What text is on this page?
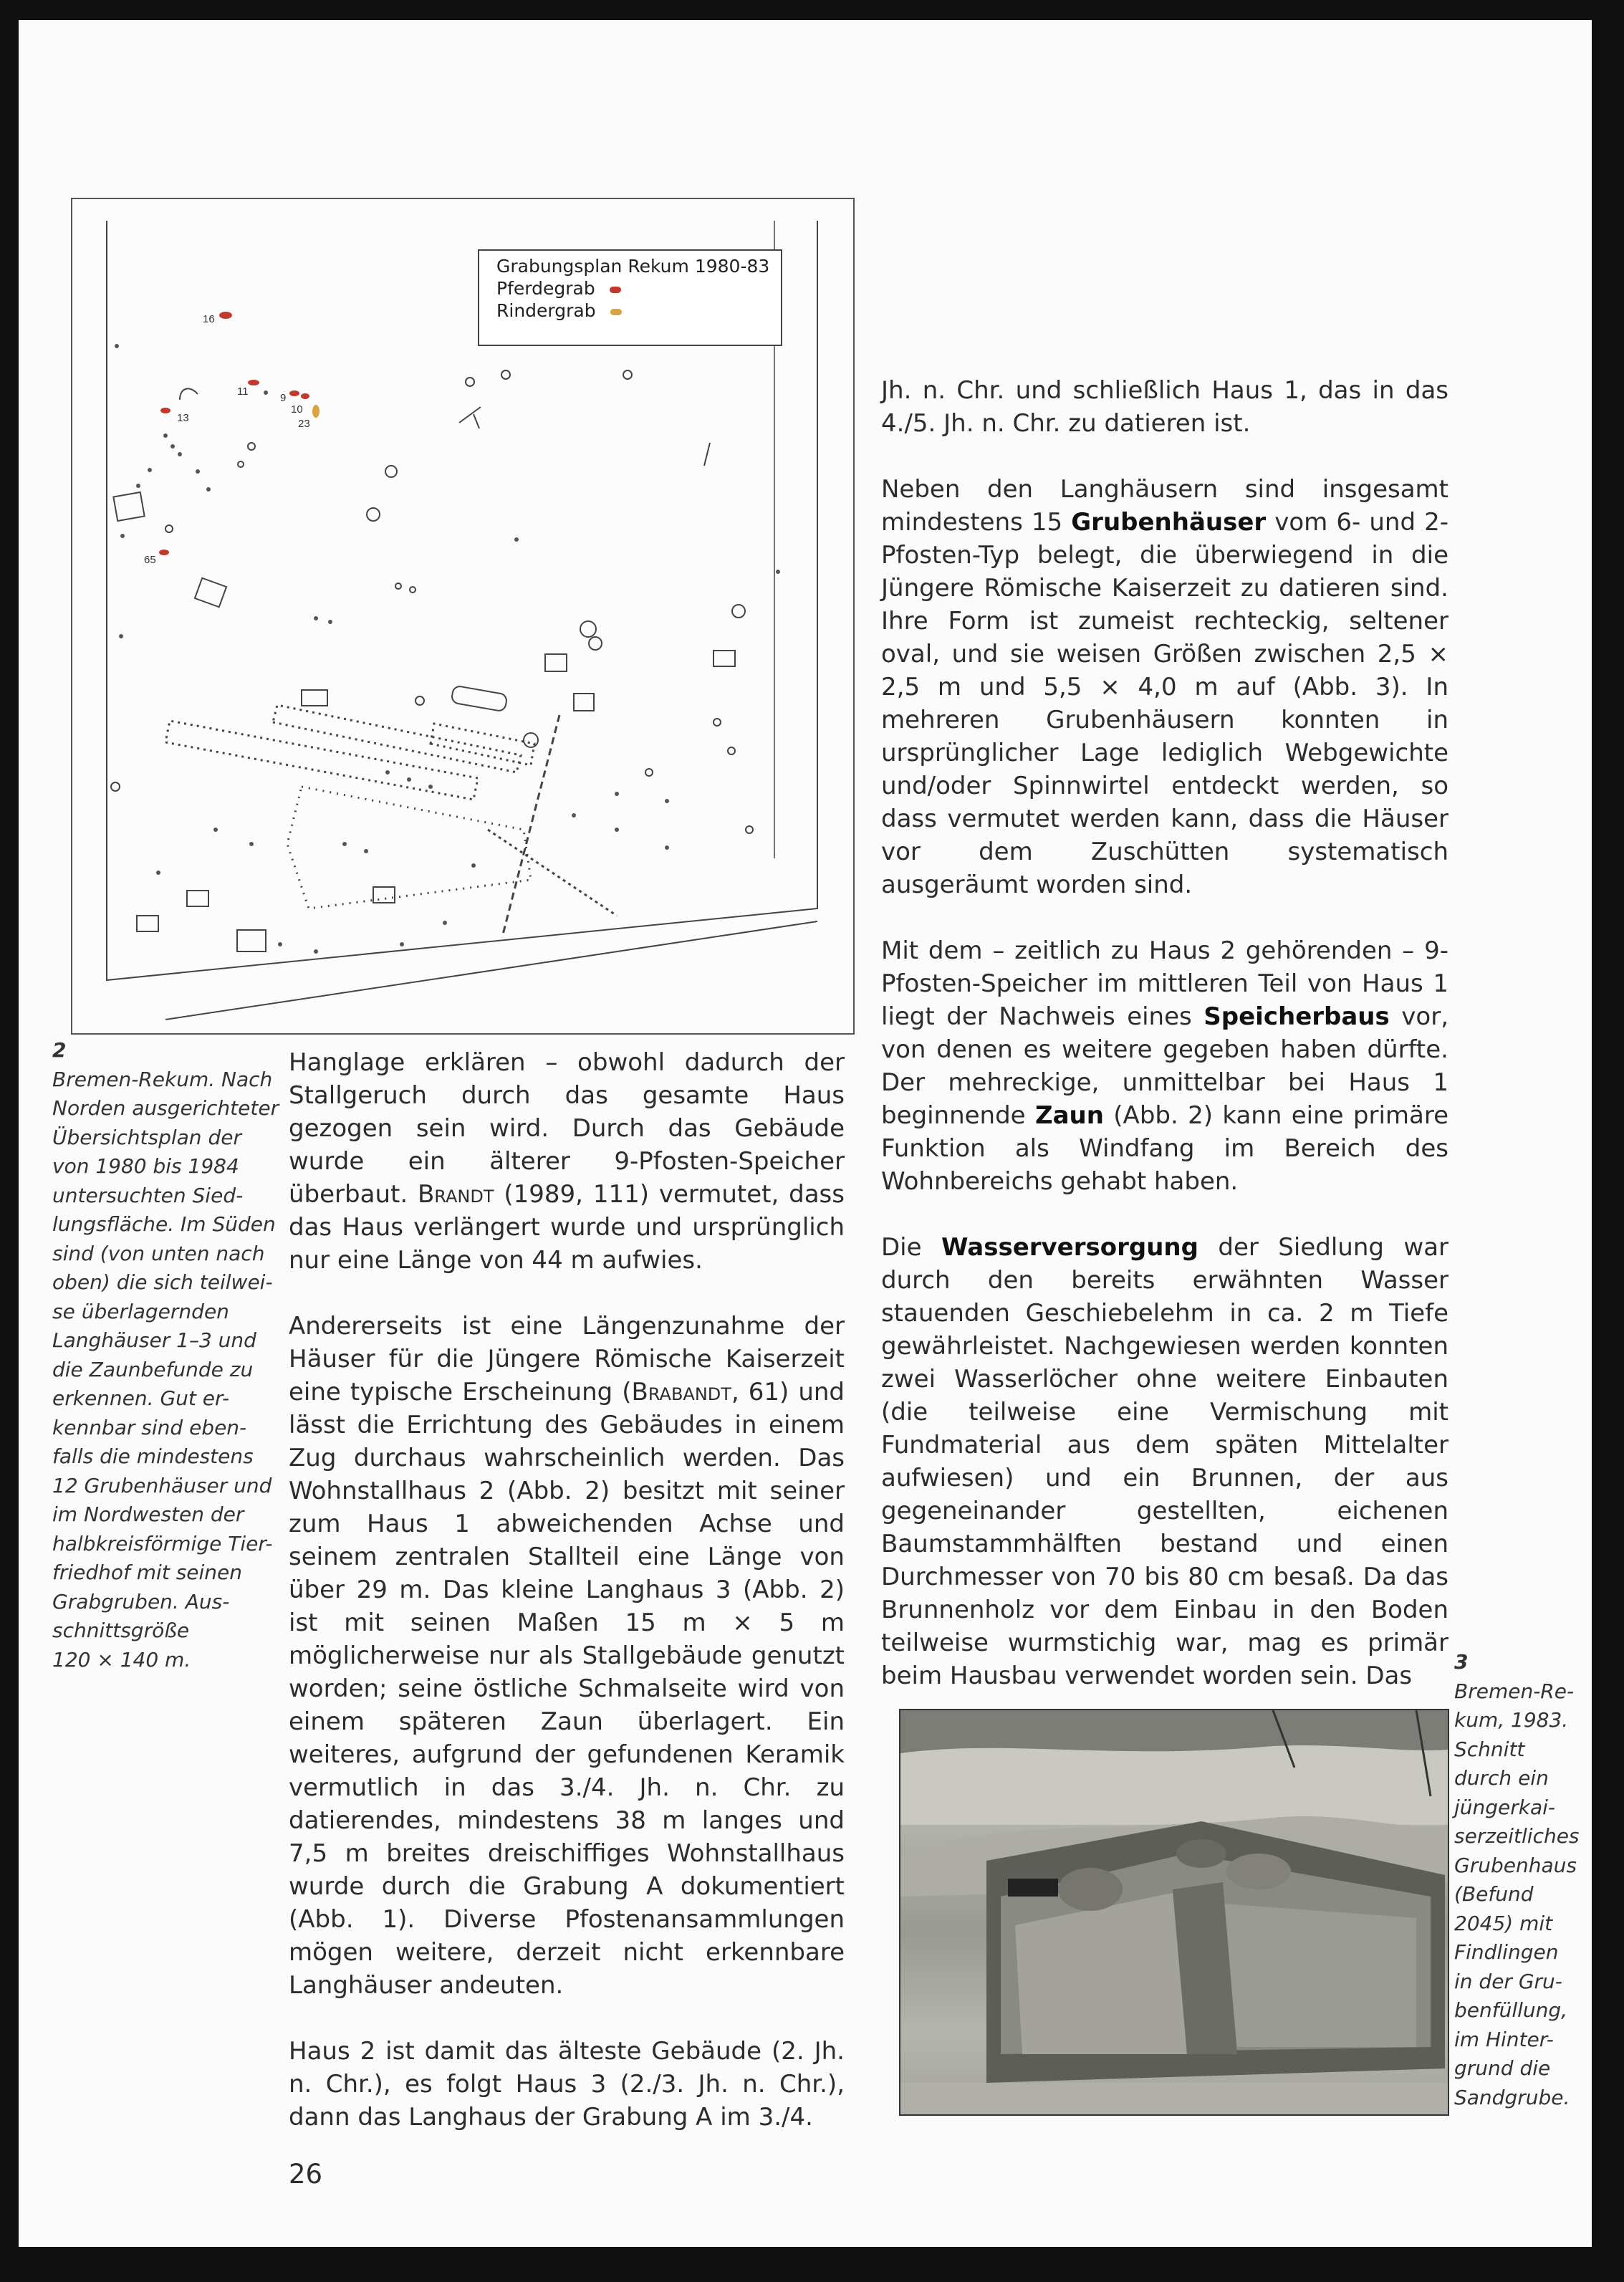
16
11
9
10
23
13
65
Grabungsplan Rekum 1980-83
Pferdegrab
Rindergrab
2
Bremen-Rekum. Nach
Norden ausgerichteter
Übersichtsplan der
von 1980 bis 1984
untersuchten Sied-
lungsfläche. Im Süden
sind (von unten nach
oben) die sich teilwei-
se überlagernden
Langhäuser 1–3 und
die Zaunbefunde zu
erkennen. Gut er-
kennbar sind eben-
falls die mindestens
12 Grubenhäuser und
im Nordwesten der
halbkreisförmige Tier-
friedhof mit seinen
Grabgruben. Aus-
schnittsgröße
120 × 140 m.

Hanglage erklären – obwohl dadurch der Stallgeruch durch das gesamte Haus gezogen sein wird. Durch das Gebäude wurde ein älterer 9-Pfosten-Speicher überbaut. Brandt (1989, 111) vermutet, dass das Haus verlängert wurde und ursprünglich nur eine Länge von 44 m aufwies.

Andererseits ist eine Längenzunahme der Häuser für die Jüngere Römische Kaiserzeit eine typische Erscheinung (Brabandt, 61) und lässt die Errichtung des Gebäudes in einem Zug durchaus wahrscheinlich werden. Das Wohnstallhaus 2 (Abb. 2) besitzt mit seiner zum Haus 1 abweichenden Achse und seinem zentralen Stallteil eine Länge von über 29 m. Das kleine Langhaus 3 (Abb. 2) ist mit seinen Maßen 15 m × 5 m möglicherweise nur als Stallgebäude genutzt worden; seine östliche Schmalseite wird von einem späteren Zaun überlagert. Ein weiteres, aufgrund der gefundenen Keramik vermutlich in das 3./4. Jh. n. Chr. zu datierendes, mindestens 38 m langes und 7,5 m breites dreischiffiges Wohnstallhaus wurde durch die Grabung A dokumentiert (Abb. 1). Diverse Pfostenansammlungen mögen weitere, derzeit nicht erkennbare Langhäuser andeuten.

Haus 2 ist damit das älteste Gebäude (2. Jh. n. Chr.), es folgt Haus 3 (2./3. Jh. n. Chr.), dann das Langhaus der Grabung A im 3./4.

Jh. n. Chr. und schließlich Haus 1, das in das 4./5. Jh. n. Chr. zu datieren ist.

Neben den Langhäusern sind insgesamt mindestens 15 Grubenhäuser vom 6- und 2-Pfosten-Typ belegt, die überwiegend in die Jüngere Römische Kaiserzeit zu datieren sind. Ihre Form ist zumeist rechteckig, seltener oval, und sie weisen Größen zwischen 2,5 × 2,5 m und 5,5 × 4,0 m auf (Abb. 3). In mehreren Grubenhäusern konnten in ursprünglicher Lage lediglich Webgewichte und/oder Spinnwirtel entdeckt werden, so dass vermutet werden kann, dass die Häuser vor dem Zuschütten systematisch ausgeräumt worden sind.

Mit dem – zeitlich zu Haus 2 gehörenden – 9-Pfosten-Speicher im mittleren Teil von Haus 1 liegt der Nachweis eines Speicherbaus vor, von denen es weitere gegeben haben dürfte. Der mehreckige, unmittelbar bei Haus 1 beginnende Zaun (Abb. 2) kann eine primäre Funktion als Windfang im Bereich des Wohnbereichs gehabt haben.

Die Wasserversorgung der Siedlung war durch den bereits erwähnten Wasser stauenden Geschiebelehm in ca. 2 m Tiefe gewährleistet. Nachgewiesen werden konnten zwei Wasserlöcher ohne weitere Einbauten (die teilweise eine Vermischung mit Fundmaterial aus dem späten Mittelalter aufwiesen) und ein Brunnen, der aus gegeneinander gestellten, eichenen Baumstammhälften bestand und einen Durchmesser von 70 bis 80 cm besaß. Da das Brunnenholz vor dem Einbau in den Boden teilweise wurmstichig war, mag es primär beim Hausbau verwendet worden sein. Das	3
Bremen-Re-
kum, 1983.
Schnitt
durch ein
jüngerkai-
serzeitliches
Grubenhaus
(Befund
2045) mit
Findlingen
in der Gru-
benfüllung,
im Hinter-
grund die
Sandgrube.
26
